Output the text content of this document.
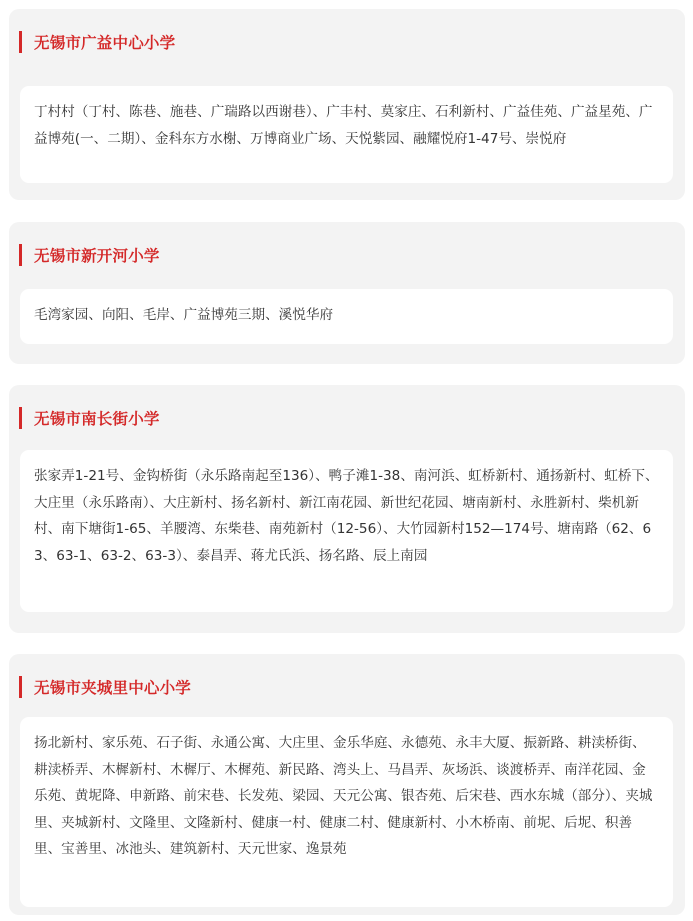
无锡市广益中心小学

丁村村（丁村、陈巷、施巷、广瑞路以西谢巷）、广丰村、莫家庄、石利新村、广益佳苑、广益星苑、广益博苑(一、二期）、金科东方水榭、万博商业广场、天悦紫园、融耀悦府1-47号、崇悦府

无锡市新开河小学

毛湾家园、向阳、毛岸、广益博苑三期、溪悦华府

无锡市南长街小学

张家弄1-21号、金钩桥街（永乐路南起至136）、鸭子滩1-38、南河浜、虹桥新村、通扬新村、虹桥下、大庄里（永乐路南）、大庄新村、扬名新村、新江南花园、新世纪花园、塘南新村、永胜新村、柴机新村、南下塘街1-65、羊腰湾、东柴巷、南苑新村（12-56）、大竹园新村152—174号、塘南路（62、63、63-1、63-2、63-3）、泰昌弄、蒋尤氏浜、扬名路、辰上南园

无锡市夹城里中心小学

扬北新村、家乐苑、石子街、永通公寓、大庄里、金乐华庭、永德苑、永丰大厦、振新路、耕渎桥街、耕渎桥弄、木樨新村、木樨厅、木樨苑、新民路、湾头上、马昌弄、灰场浜、谈渡桥弄、南洋花园、金乐苑、黄坭降、申新路、前宋巷、长发苑、梁园、天元公寓、银杏苑、后宋巷、西水东城（部分）、夹城里、夹城新村、文隆里、文隆新村、健康一村、健康二村、健康新村、小木桥南、前坭、后坭、积善里、宝善里、冰池头、建筑新村、天元世家、逸景苑
